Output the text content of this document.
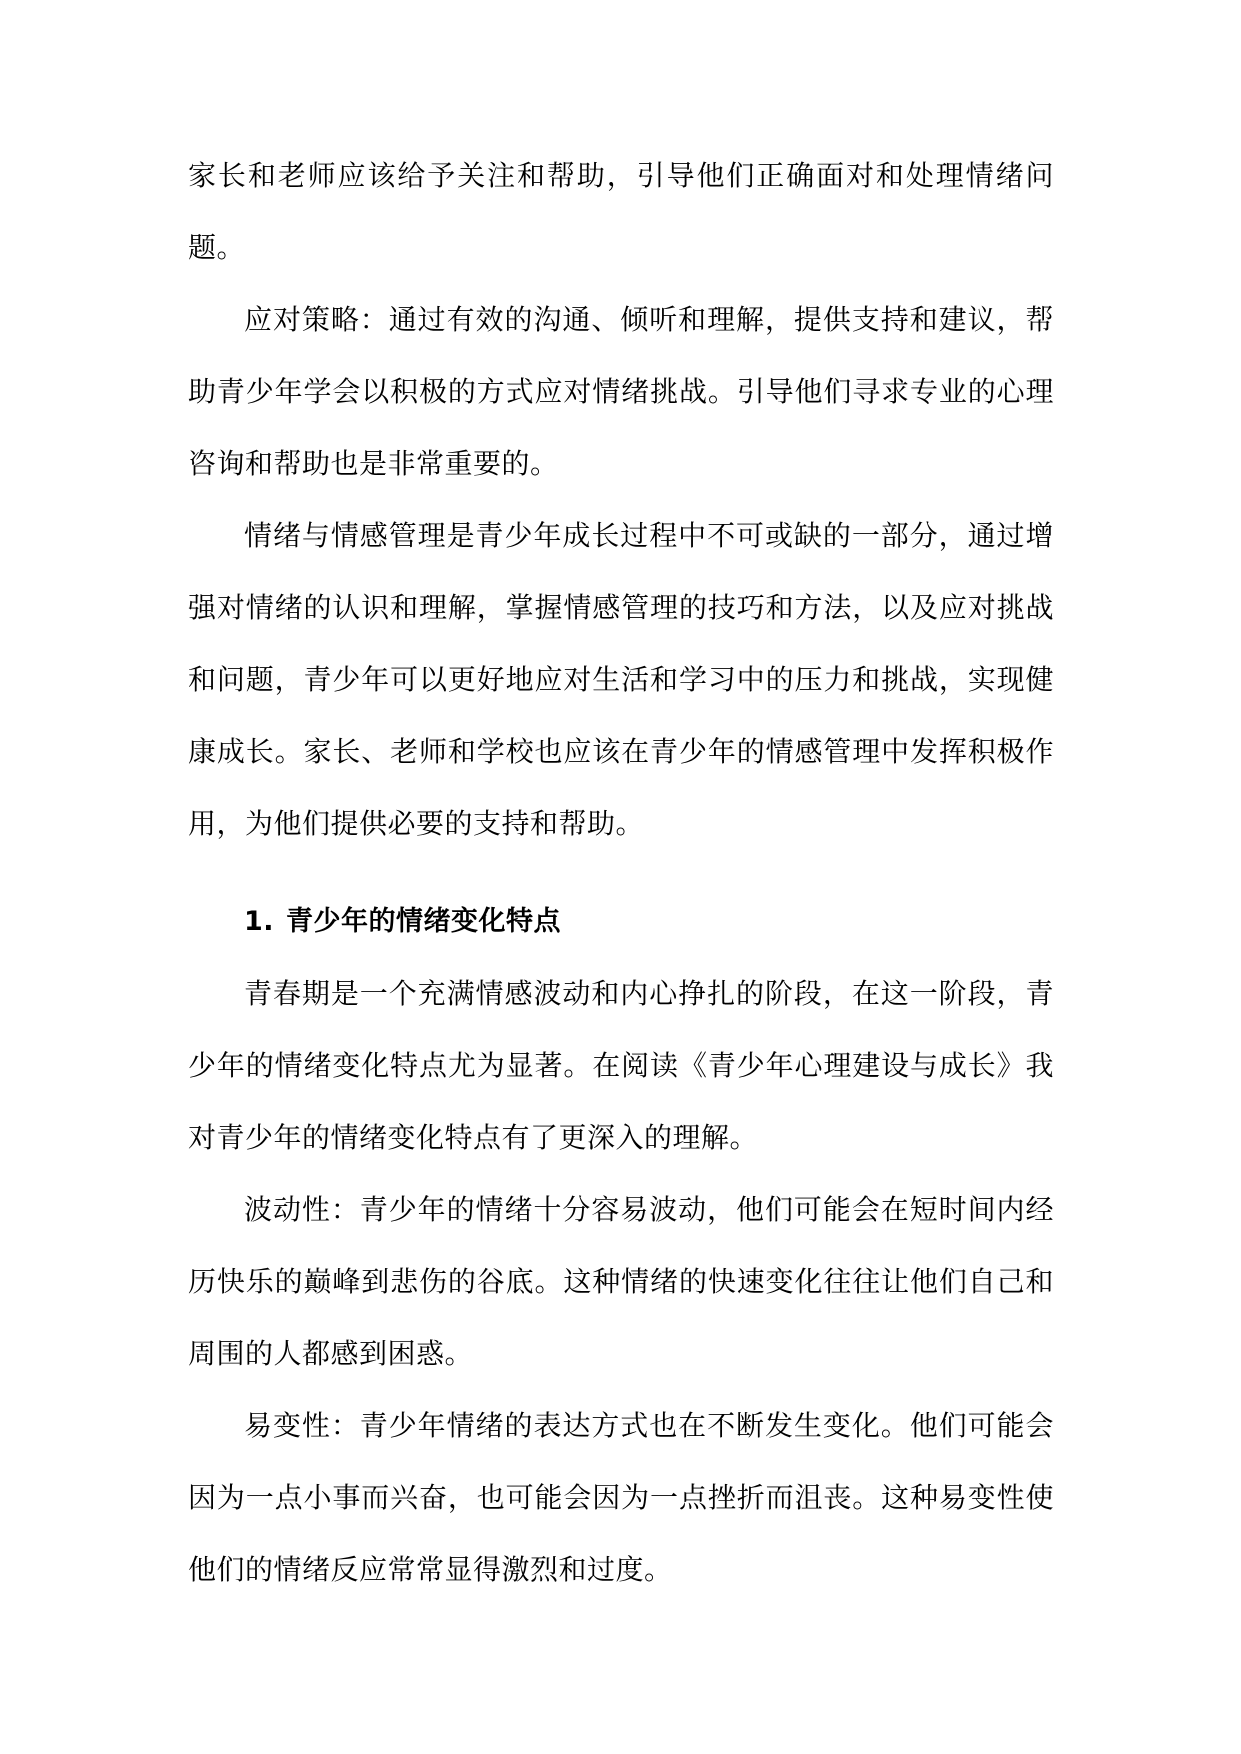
家长和老师应该给予关注和帮助，引导他们正确面对和处理情绪问题。

应对策略：通过有效的沟通、倾听和理解，提供支持和建议，帮助青少年学会以积极的方式应对情绪挑战。引导他们寻求专业的心理咨询和帮助也是非常重要的。

情绪与情感管理是青少年成长过程中不可或缺的一部分，通过增强对情绪的认识和理解，掌握情感管理的技巧和方法，以及应对挑战和问题，青少年可以更好地应对生活和学习中的压力和挑战，实现健康成长。家长、老师和学校也应该在青少年的情感管理中发挥积极作用，为他们提供必要的支持和帮助。

1. 青少年的情绪变化特点

青春期是一个充满情感波动和内心挣扎的阶段，在这一阶段，青少年的情绪变化特点尤为显著。在阅读《青少年心理建设与成长》我对青少年的情绪变化特点有了更深入的理解。

波动性：青少年的情绪十分容易波动，他们可能会在短时间内经历快乐的巅峰到悲伤的谷底。这种情绪的快速变化往往让他们自己和周围的人都感到困惑。

易变性：青少年情绪的表达方式也在不断发生变化。他们可能会因为一点小事而兴奋，也可能会因为一点挫折而沮丧。这种易变性使他们的情绪反应常常显得激烈和过度。
